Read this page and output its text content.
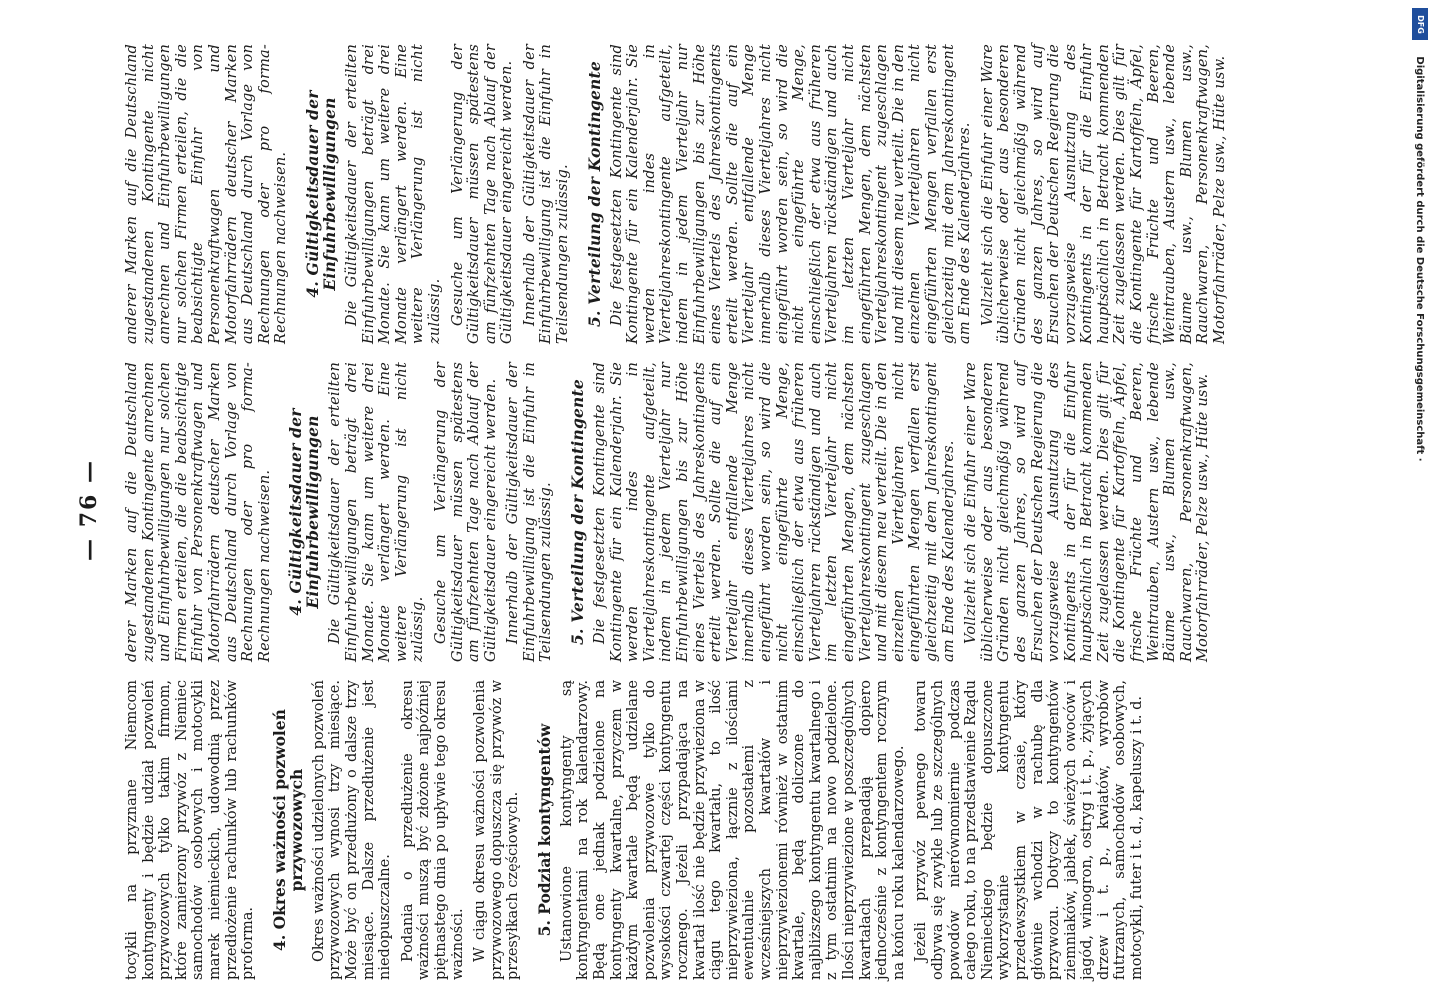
tocykli na przyznane Niemcom kontyngenty i będzie udział pozwoleń przywozowych tylko takim firmom, które zamierzony przywóz z Niemiec samochodów osobowych i motocykli marek niemieckich, udowodnią przez przedłożenie rachunków lub rachunków proforma. 4. Okres ważności pozwoleń przywozowych Okres ważności udzielonych pozwoleń przywozowych wynosi trzy miesiące. Może być on przedłużony o dalsze trzy miesiące. Dalsze przedłużenie jest niedopuszczalne. Podania o przedłużenie okresu ważności muszą być złożone najpóźniej piętnastego dnia po upływie tego okresu ważności. W ciągu okresu ważności pozwolenia przywozowego dopuszcza się przywóz w przesyłkach częściowych. 5. Podział kontyngentów Ustanowione kontyngenty są kontyngentami na rok kalendarzowy. Będą one jednak podzielone na kontyngenty kwartalne, przyczem w każdym kwartale będą udzielane pozwolenia przywozowe tylko do wysokości czwartej części kontyngentu rocznego. Jeżeli przypadająca na kwartał ilość nie będzie przywieziona w ciągu tego kwartału, to ilość nieprzywieziona, łącznie z ilościami ewentualnie pozostałemi z wcześniejszych kwartałów i nieprzywiezionemi również w ostatnim kwartale, będą doliczone do najbliższego kontyngentu kwartalnego i z tym ostatnim na nowo podzielone. Ilości nieprzywiezione w poszczególnych kwartałach przepadają dopiero jednocześnie z kontyngentem rocznym na końcu roku kalendarzowego. Jeżeli przywóz pewnego towaru odbywa się zwykle lub ze szczególnych powodów nierównomiernie podczas całego roku, to na przedstawienie Rządu Niemieckiego będzie dopuszczone wykorzystanie kontyngentu przedewszystkiem w czasie, który głównie wchodzi w rachubę dla przywozu. Dotyczy to kontyngentów ziemniaków, jabłek, świeżych owoców i jagód, winogron, ostryg i t. p., żyjących drzew i t. p., kwiatów, wyrobów futrzanych, samochodów osobowych, motocykli, futer i t. d., kapeluszy i t. d.

derer Marken auf die Deutschland zugestandenen Kontingente anrechnen und Einfuhrbewilligungen nur solchen Firmen erteilen, die die beabsichtigte Einfuhr von Personenkraftwagen und Motorfahrrädern deutscher Marken aus Deutschland durch Vorlage von Rechnungen oder pro forma-Rechnungen nachweisen. 4. Gültigkeitsdauer der Einfuhrbewilligungen Die Gültigkeitsdauer der erteilten Einfuhrbewilligungen beträgt drei Monate. Sie kann um weitere drei Monate verlängert werden. Eine weitere Verlängerung ist nicht zulässig. Gesuche um Verlängerung der Gültigkeitsdauer müssen spätestens am fünfzehnten Tage nach Ablauf der Gültigkeitsdauer eingereicht werden. Innerhalb der Gültigkeitsdauer der Einfuhrbewilligung ist die Einfuhr in Teilsendungen zulässig. 5. Verteilung der Kontingente Die festgesetzten Kontingente sind Kontingente für ein Kalenderjahr. Sie werden indes in Vierteljahreskontingente aufgeteilt, indem in jedem Vierteljahr nur Einfuhrbewilligungen bis zur Höhe eines Viertels des Jahreskontingents erteilt werden. Sollte die auf ein Vierteljahr entfallende Menge innerhalb dieses Vierteljahres nicht eingeführt worden sein, so wird die nicht eingeführte Menge, einschließlich der etwa aus früheren Vierteljahren rückständigen und auch im letzten Vierteljahr nicht eingeführten Mengen, dem nächsten Vierteljahreskontingent zugeschlagen und mit diesem neu verteilt. Die in den einzelnen Vierteljahren nicht eingeführten Mengen verfallen erst gleichzeitig mit dem Jahreskontingent am Ende des Kalenderjahres. Vollzieht sich die Einfuhr einer Ware üblicherweise oder aus besonderen Gründen nicht gleichmäßig während des ganzen Jahres, so wird auf Ersuchen der Deutschen Regierung die vorzugsweise Ausnutzung des Kontingents in der für die Einfuhr hauptsächlich in Betracht kommenden Zeit zugelassen werden. Dies gilt für die Kontingente für Kartoffeln, Äpfel, frische Früchte und Beeren, Weintrauben, Austern usw., lebende Bäume usw., Blumen usw., Rauchwaren, Personenkraftwagen, Motorfahrräder, Pelze usw., Hüte usw.

anderer Marken auf die Deutschland zugestandenen Kontingente nicht anrechnen und Einfuhrbewilligungen nur solchen Firmen erteilen, die die beabsichtigte Einfuhr von Personenkraftwagen und Motorfahrrädern deutscher Marken aus Deutschland durch Vorlage von Rechnungen oder pro forma-Rechnungen nachweisen. 4. Gültigkeitsdauer der Einfuhrbewilligungen Die Gültigkeitsdauer der erteilten Einfuhrbewilligungen beträgt drei Monate. Sie kann um weitere drei Monate verlängert werden. Eine weitere Verlängerung ist nicht zulässig. Gesuche um Verlängerung der Gültigkeitsdauer müssen spätestens am fünfzehnten Tage nach Ablauf der Gültigkeitsdauer eingereicht werden. Innerhalb der Gültigkeitsdauer der Einfuhrbewilligung ist die Einfuhr in Teilsendungen zulässig. 5. Verteilung der Kontingente Die festgesetzten Kontingente sind Kontingente für ein Kalenderjahr. Sie werden indes in Vierteljahreskontingente aufgeteilt, indem in jedem Vierteljahr nur Einfuhrbewilligungen bis zur Höhe eines Viertels des Jahreskontingents erteilt werden. Sollte die auf ein Vierteljahr entfallende Menge innerhalb dieses Vierteljahres nicht eingeführt worden sein, so wird die nicht eingeführte Menge, einschließlich der etwa aus früheren Vierteljahren rückständigen und auch im letzten Vierteljahr nicht eingeführten Mengen, dem nächsten Vierteljahreskontingent zugeschlagen und mit diesem neu verteilt. Die in den einzelnen Vierteljahren nicht eingeführten Mengen verfallen erst gleichzeitig mit dem Jahreskontingent am Ende des Kalenderjahres. Vollzieht sich die Einfuhr einer Ware üblicherweise oder aus besonderen Gründen nicht gleichmäßig während des ganzen Jahres, so wird auf Ersuchen der Deutschen Regierung die vorzugsweise Ausnutzung des Kontingents in der für die Einfuhr hauptsächlich in Betracht kommenden Zeit zugelassen werden. Dies gilt für die Kontingente für Kartoffeln, Äpfel, frische Früchte und Beeren, Weintrauben, Austern usw., lebende Bäume usw., Blumen usw., Rauchwaren, Personenkraftwagen, Motorfahrräder, Pelze usw., Hüte usw.

— 76 —
DFG
Digitalisierung gefördert durch die Deutsche Forschungsgemeinschaft ·
